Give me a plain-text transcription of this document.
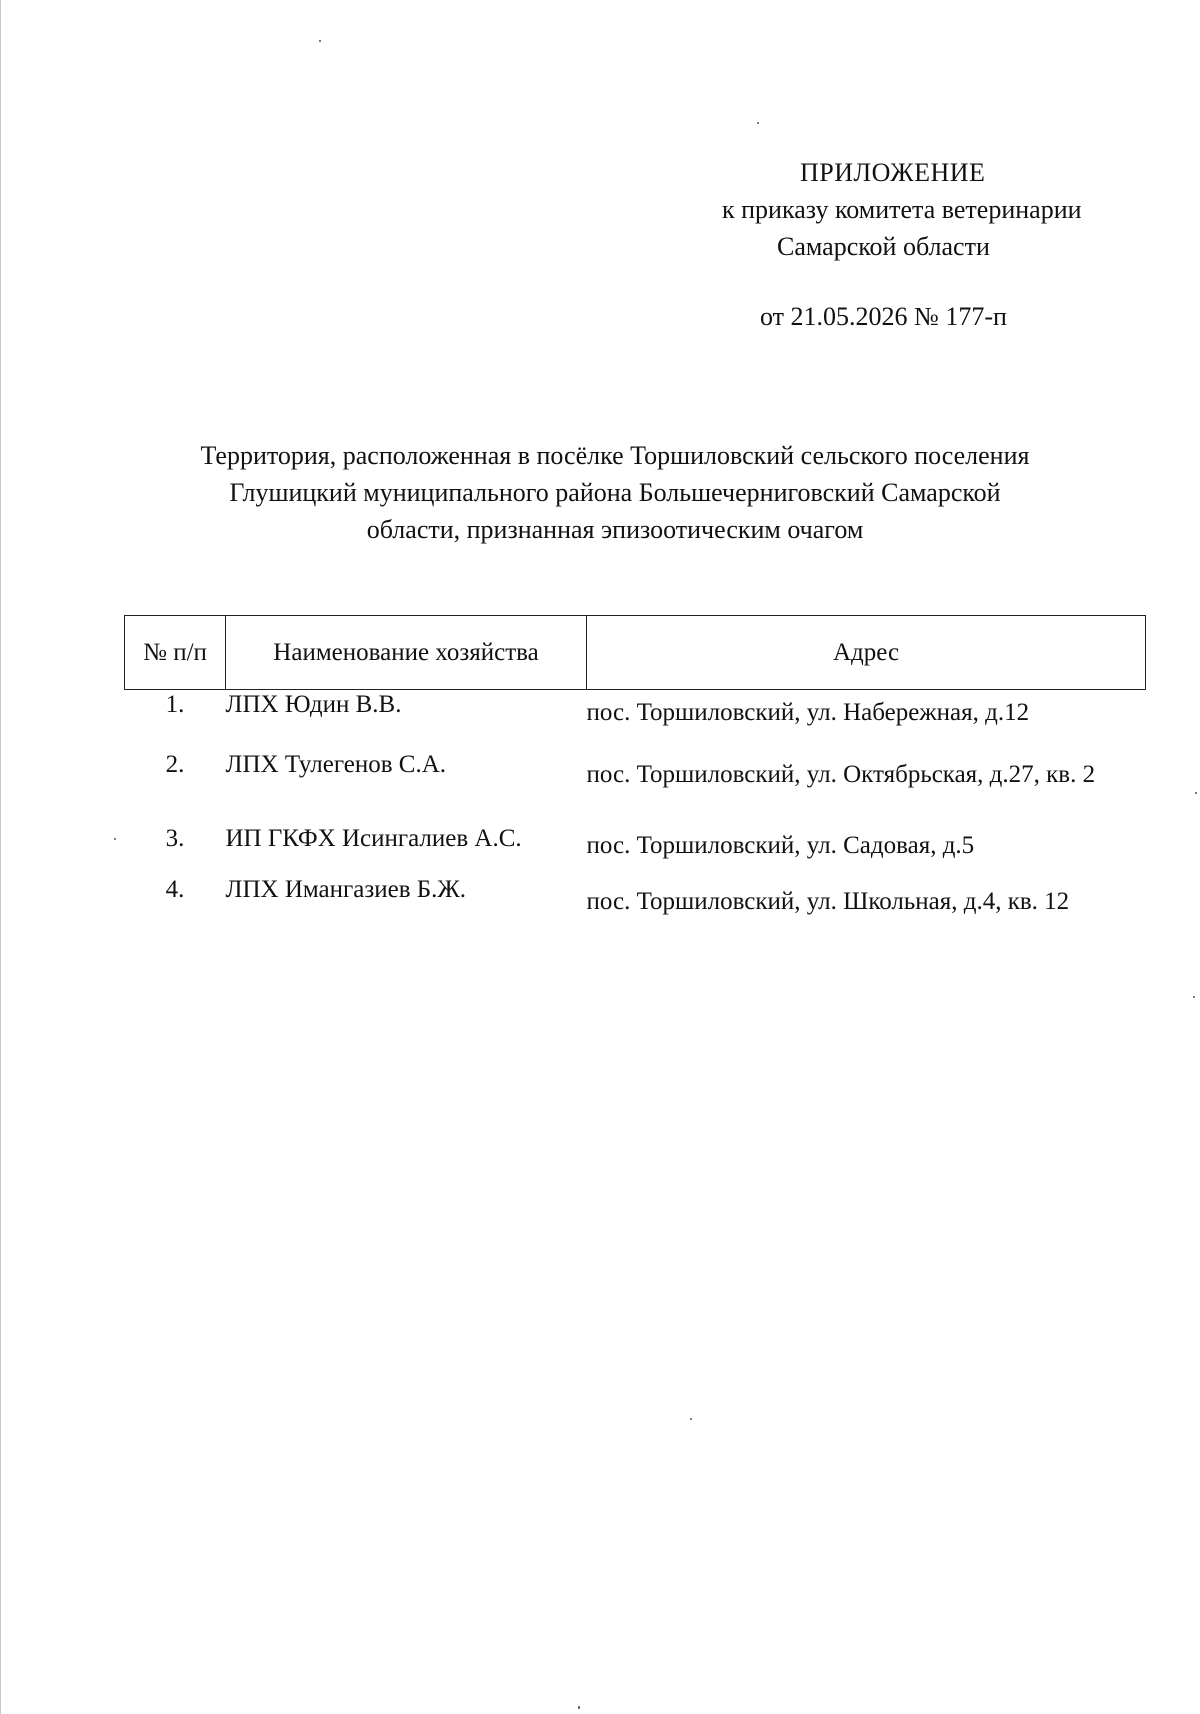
ПРИЛОЖЕНИЕ
к приказу комитета ветеринарии
Самарской области
от 21.05.2026 № 177-п
Территория, расположенная в посёлке Торшиловский сельского поселения
Глушицкий муниципального района Большечерниговский Самарской
области, признанная эпизоотическим очагом
№ п/п	Наименование хозяйства	Адрес
1.	ЛПХ Юдин В.В.	пос. Торшиловский, ул. Набережная, д.12
2.	ЛПХ Тулегенов С.А.	пос. Торшиловский, ул. Октябрьская, д.27, кв. 2
3.	ИП ГКФХ Исингалиев А.С.	пос. Торшиловский, ул. Садовая, д.5
4.	ЛПХ Имангазиев Б.Ж.	пос. Торшиловский, ул. Школьная, д.4, кв. 12
